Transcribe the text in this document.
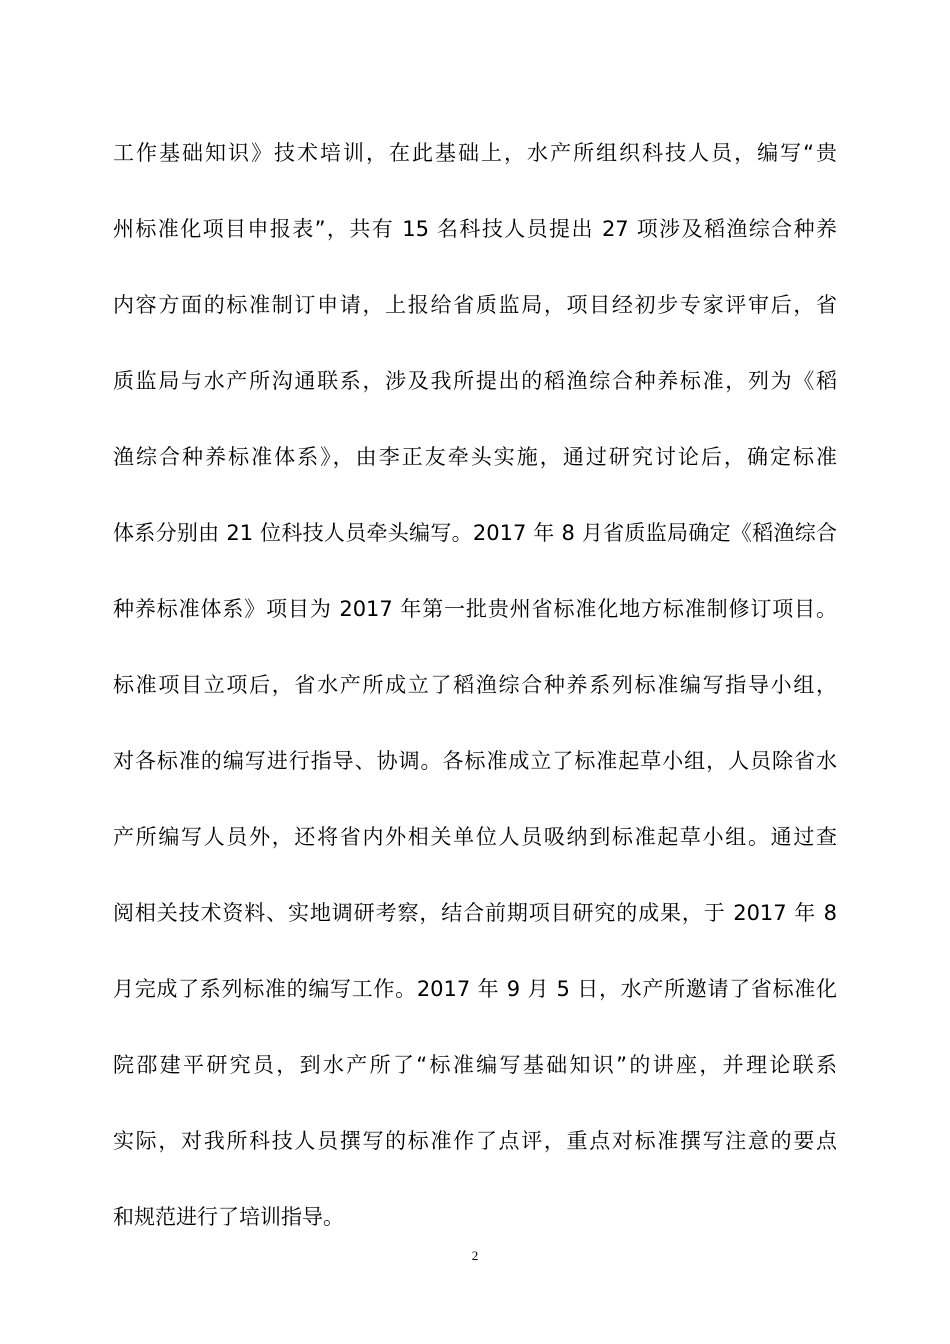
工作基础知识》技术培训，在此基础上，水产所组织科技人员，编写“贵
州标准化项目申报表”，共有 15 名科技人员提出 27 项涉及稻渔综合种养
内容方面的标准制订申请，上报给省质监局，项目经初步专家评审后，省
质监局与水产所沟通联系，涉及我所提出的稻渔综合种养标准，列为《稻
渔综合种养标准体系》，由李正友牵头实施，通过研究讨论后，确定标准
体系分别由 21 位科技人员牵头编写。2017 年 8 月省质监局确定《稻渔综合
种养标准体系》项目为 2017 年第一批贵州省标准化地方标准制修订项目。
标准项目立项后，省水产所成立了稻渔综合种养系列标准编写指导小组，
对各标准的编写进行指导、协调。各标准成立了标准起草小组，人员除省水
产所编写人员外，还将省内外相关单位人员吸纳到标准起草小组。通过查
阅相关技术资料、实地调研考察，结合前期项目研究的成果，于 2017 年 8
月完成了系列标准的编写工作。2017 年 9 月 5 日，水产所邀请了省标准化
院邵建平研究员，到水产所了“标准编写基础知识”的讲座，并理论联系
实际，对我所科技人员撰写的标准作了点评，重点对标准撰写注意的要点
和规范进行了培训指导。
2
